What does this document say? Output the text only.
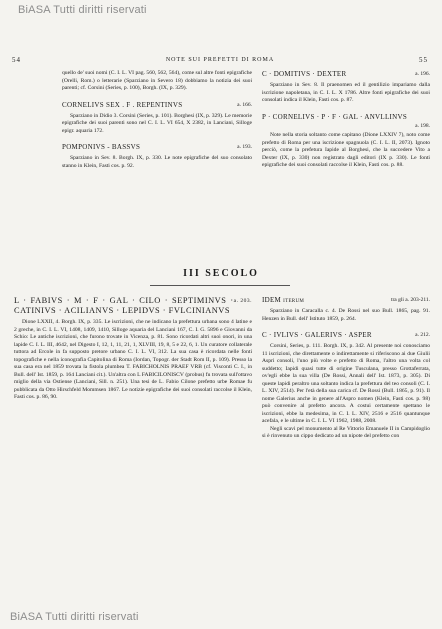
BiASA Tutti diritti riservati
54	NOTE SUI PREFETTI DI ROMA	55

quello de' suoi nomi (C. I. L. VI pag. 560, 562, 564), come sul altre fonti epigrafiche (Orelli, Rom.) o letterarie (Sparziano in Severo 18) dobbiamo la notizia dei suoi parenti; cf. Corsini (Series, p. 100), Borgh. (IX, p. 329).

CORNELIVS SEX . F . REPENTINVS	a. 166.

Sparziano in Didio 3. Corsini (Series, p. 101). Borghesi (IX, p. 329). Le memorie epigrafiche dei suoi parenti sono nel C. I. L. VI 654, X 2382, in Lanciani, Silloge epigr. aquaria 172.

POMPONIVS - BASSVS	a. 193.

Sparziano in Sev. 8. Borgh. IX, p. 330. Le note epigrafiche del suo consolato stanno in Klein, Fasti cos. p. 92.

C · DOMITIVS · DEXTER	a. 196.

Sparziano in Sev. 8. Il praenomen ed il gentilizio impariamo dalla iscrizione napoletana, in C. I. L. X 1786. Altre fonti epigrafiche dei suoi consolati indica il Klein, Fasti cos. p. 87.

P · CORNELIVS · P · F · GAL · ANVLLINVS
a. 198.

Note nella storia soltanto come capitano (Dione LXXIV 7), noto come prefetto di Roma per una iscrizione spagnuola (C. I. L. II, 2073). Ignoto perciò, come la prefetura Iapide al Borghesi, che la succedere Vito a Dexter (IX, p. 330) non registrato dagli editori (IX p. 330). Le fonti epigrafiche dei suoi consolati raccolse il Klein, Fasti cos. p. 88.

III SECOLO
a. 203.
L · FABIVS · M · F · GAL · CILO · SEPTIMINVS · CATINIVS · ACILIANVS · LEPIDVS · FVLCINIANVS

Dione LXXII, 4. Borgh. IX, p. 335. Le iscrizioni, che ne indicano la prefettura urbana sono 4 latine e 2 greche, in C. I. L. VI, 1408, 1409, 1410, Silloge aquaria del Lanciani 167, C. I. G. 5896 e Giovanni da Schio: Le antiche iscrizioni, che furono trovate in Vicenza, p. 81. Sono ricordati altri suoi onori, in una lapide C. I. L. III, 4642, nel Digesto I, 12, 1, 11, 21, 1, XLVIII, 19, 8, 5 e 22, 6, 1. Un curatore collaterale tuttora ad Ercole in fa supposto pretore urbano C. I. L. VI, 312. La sua casa è ricordata nelle fonti topografiche e nella iconografia Capitolina di Roma (Iordan, Topogr. der Stadt Rom II, p. 109). Presso la sua casa era nel 1859 trovata la fistola plumbea T. FABICHOLNIS PRAEF VRB (cf. Visconti C. I., in Bull. dell' Ist. 1859, p. 164 Lanciani cit.). Un'altra con L FABICILONISCV (probus) fu trovata sull'ottavo miglio della via Ostiense (Lanciani, Sill. n. 251). Una tesi de L. Fabio Cilone prefetto urbe Romae fu pubblicata da Otto Hirschfeld Mommsen 1867. Le notizie epigrafiche dei suoi consolati raccolse il Klein, Fasti cos. p. 86, 90.

IDEM iterum	tra gli a. 203-211.

Sparziano in Caracalla c. 4. De Rossi nel suo Bull. 1865, pag. 91. Henzen in Bull. dell' Istituto 1859, p. 264.

C · IVLIVS · GALERIVS · ASPER	a. 212.

Corsini, Series, p. 111. Borgh. IX, p. 342. Al presente noi conosciamo 11 iscrizioni, che direttamente o indirettamente si riferiscono ai due Giulii Aspri consoli, l'uno più volte e prefetto di Roma, l'altro una volta col suddetto; Iapidi quasi tutte di origine Tusculana, presso Grottaferrata, ov'egli ebbe la sua villa (De Rossi, Annali dell' Ist. 1873, p. 305). Di queste lapidi peraltro una soltanto indica la prefettura del teo consoli (C. I. L. XIV, 2514). Per l'età della sua carica cf. De Rossi (Bull. 1865, p. 91). Il nome Galerius anche in genere all'Aspro nomen (Klein, Fasti cos. p. 98) può convenire al prefetto ancora. A costui certamente spettano le iscrizioni, ebbe la medesima, in C. I. L. XIV, 2516 e 2516 quantunque acefala, e le ultime in C. I. L. VI 1962, 1988, 2008.

Negli scavi pel monumento al Re Vittorio Emanuele II in Campidoglio si è rinvenuto un cippo dedicato ad un nipote del prefetto con

BiASA Tutti diritti riservati
